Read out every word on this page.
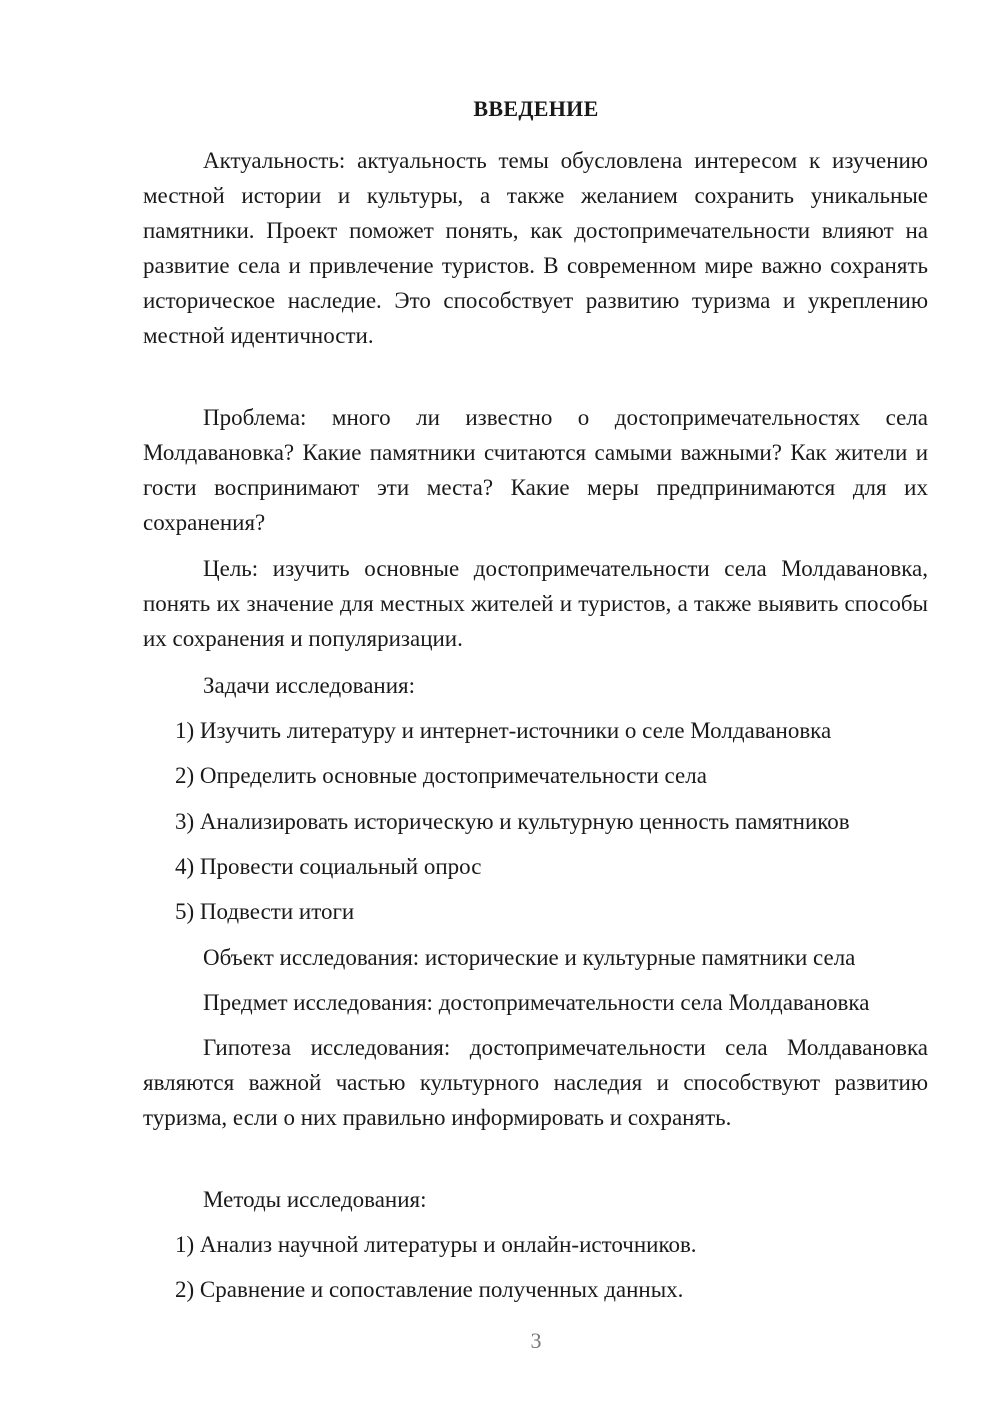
ВВЕДЕНИЕ

Актуальность: актуальность темы обусловлена интересом к изучению местной истории и культуры, а также желанием сохранить уникальные памятники. Проект поможет понять, как достопримечательности влияют на развитие села и привлечение туристов. В современном мире важно сохранять историческое наследие. Это способствует развитию туризма и укреплению местной идентичности.

Проблема: много ли известно о достопримечательностях села Молдавановка? Какие памятники считаются самыми важными? Как жители и гости воспринимают эти места? Какие меры предпринимаются для их сохранения?

Цель: изучить основные достопримечательности села Молдавановка, понять их значение для местных жителей и туристов, а также выявить способы их сохранения и популяризации.

Задачи исследования:

1) Изучить литературу и интернет-источники о селе Молдавановка

2) Определить основные достопримечательности села

3) Анализировать историческую и культурную ценность памятников

4) Провести социальный опрос

5) Подвести итоги

Объект исследования: исторические и культурные памятники села

Предмет исследования: достопримечательности села Молдавановка

Гипотеза исследования: достопримечательности села Молдавановка являются важной частью культурного наследия и способствуют развитию туризма, если о них правильно информировать и сохранять.

Методы исследования:

1) Анализ научной литературы и онлайн-источников.

2) Сравнение и сопоставление полученных данных.

3
